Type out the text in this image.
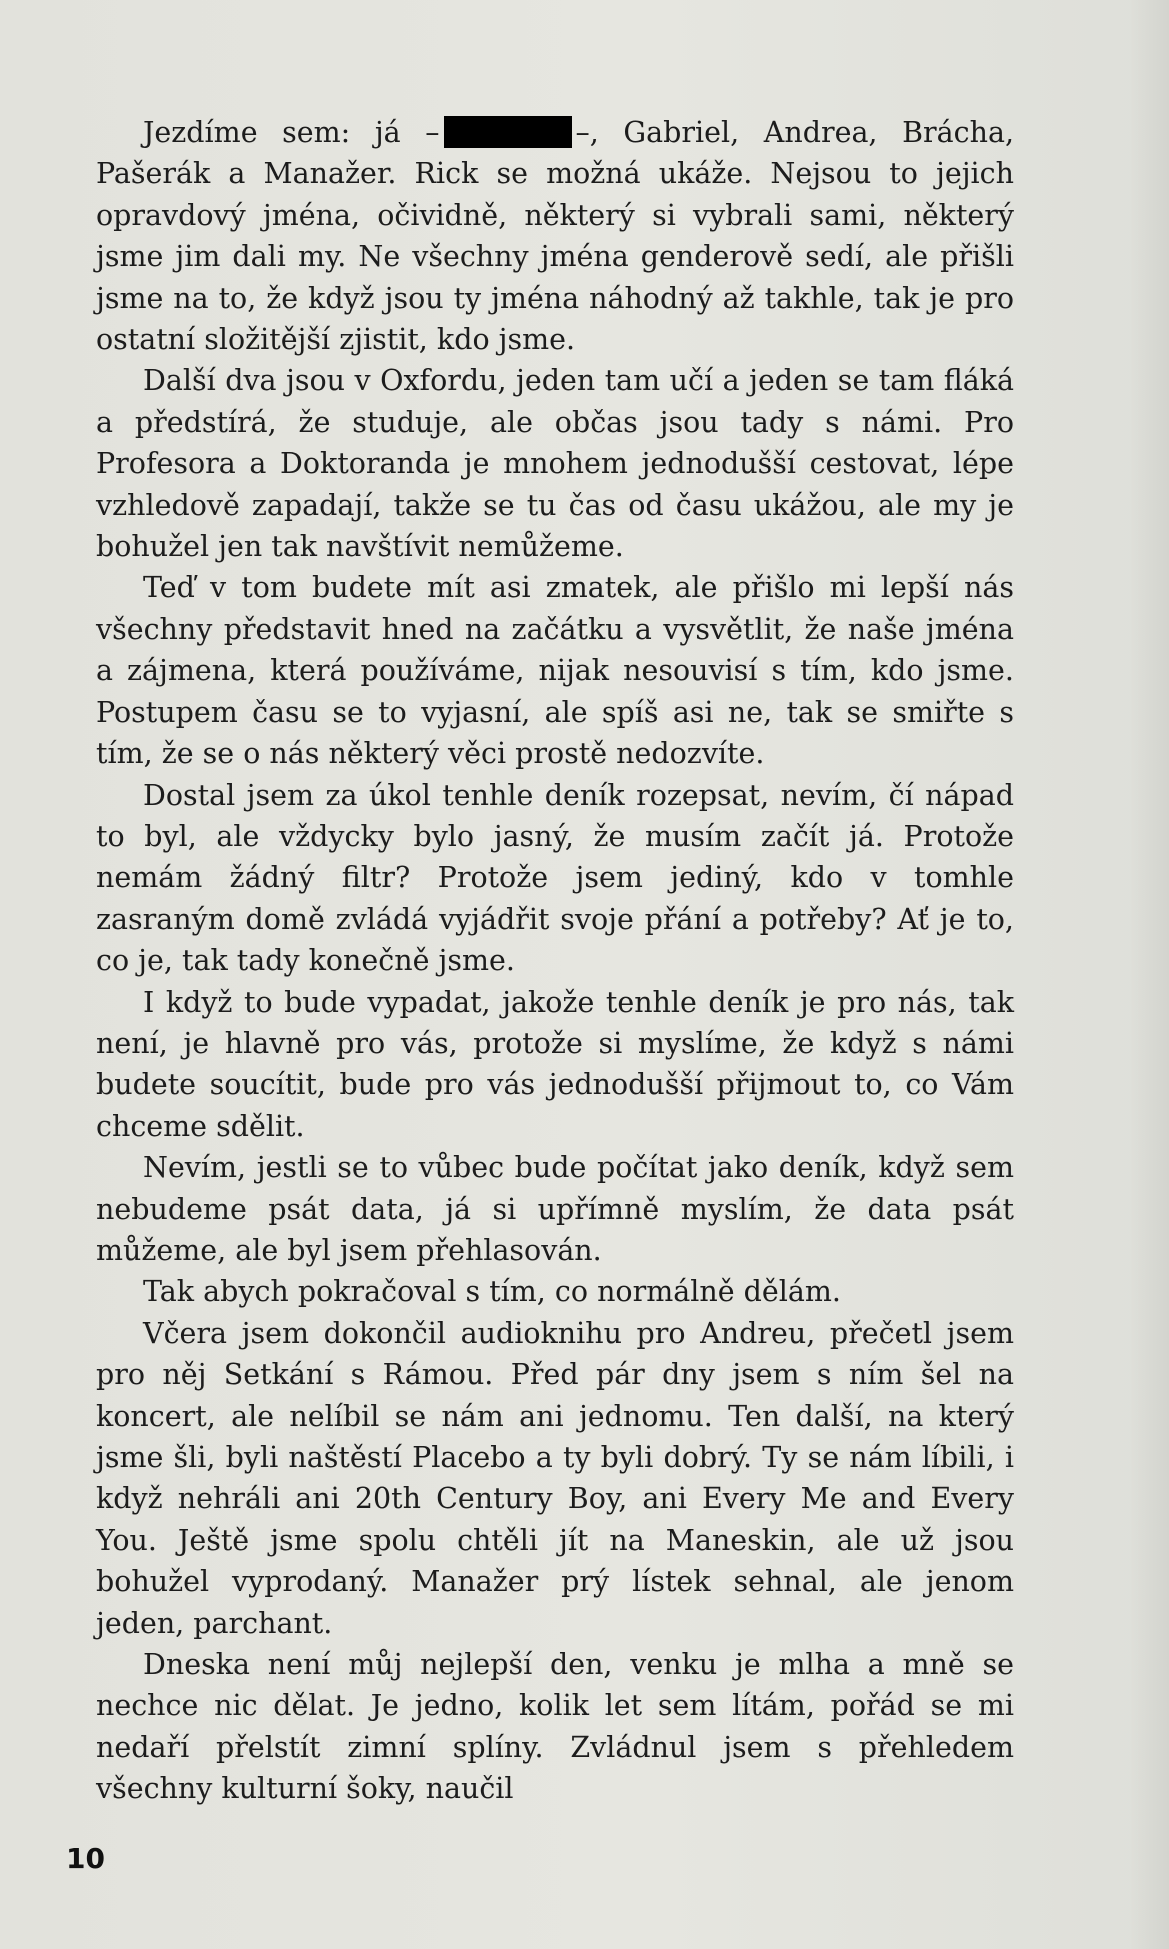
Jezdíme sem: já –	–, Gabriel, Andrea, Brácha, Pašerák a Manažer. Rick se možná ukáže. Nejsou to jejich opravdový jména, očividně, některý si vybrali sami, některý jsme jim dali my. Ne všechny jména genderově sedí, ale přišli jsme na to, že když jsou ty jména náhodný až takhle, tak je pro ostatní složitější zjistit, kdo jsme.

Další dva jsou v Oxfordu, jeden tam učí a jeden se tam fláká a předstírá, že studuje, ale občas jsou tady s námi. Pro Profesora a Doktoranda je mnohem jednodušší cestovat, lépe vzhledově zapadají, takže se tu čas od času ukážou, ale my je bohužel jen tak navštívit nemůžeme.

Teď v tom budete mít asi zmatek, ale přišlo mi lepší nás všechny představit hned na začátku a vysvětlit, že naše jména a zájmena, která používáme, nijak nesouvisí s tím, kdo jsme. Postupem času se to vyjasní, ale spíš asi ne, tak se smiřte s tím, že se o nás některý věci prostě nedozvíte.

Dostal jsem za úkol tenhle deník rozepsat, nevím, čí nápad to byl, ale vždycky bylo jasný, že musím začít já. Protože nemám žádný filtr? Protože jsem jediný, kdo v tomhle zasraným domě zvládá vyjádřit svoje přání a potřeby? Ať je to, co je, tak tady konečně jsme.

I když to bude vypadat, jakože tenhle deník je pro nás, tak není, je hlavně pro vás, protože si myslíme, že když s námi budete soucítit, bude pro vás jednodušší přijmout to, co Vám chceme sdělit.

Nevím, jestli se to vůbec bude počítat jako deník, když sem nebudeme psát data, já si upřímně myslím, že data psát můžeme, ale byl jsem přehlasován.

Tak abych pokračoval s tím, co normálně dělám.

Včera jsem dokončil audioknihu pro Andreu, přečetl jsem pro něj Setkání s Rámou. Před pár dny jsem s ním šel na koncert, ale nelíbil se nám ani jednomu. Ten další, na který jsme šli, byli naštěstí Placebo a ty byli dobrý. Ty se nám líbili, i když nehráli ani 20th Century Boy, ani Every Me and Every You. Ještě jsme spolu chtěli jít na Maneskin, ale už jsou bohužel vyprodaný. Manažer prý lístek sehnal, ale jenom jeden, parchant.

Dneska není můj nejlepší den, venku je mlha a mně se nechce nic dělat. Je jedno, kolik let sem lítám, pořád se mi nedaří přelstít zimní splíny. Zvládnul jsem s přehledem všechny kulturní šoky, naučil

10
